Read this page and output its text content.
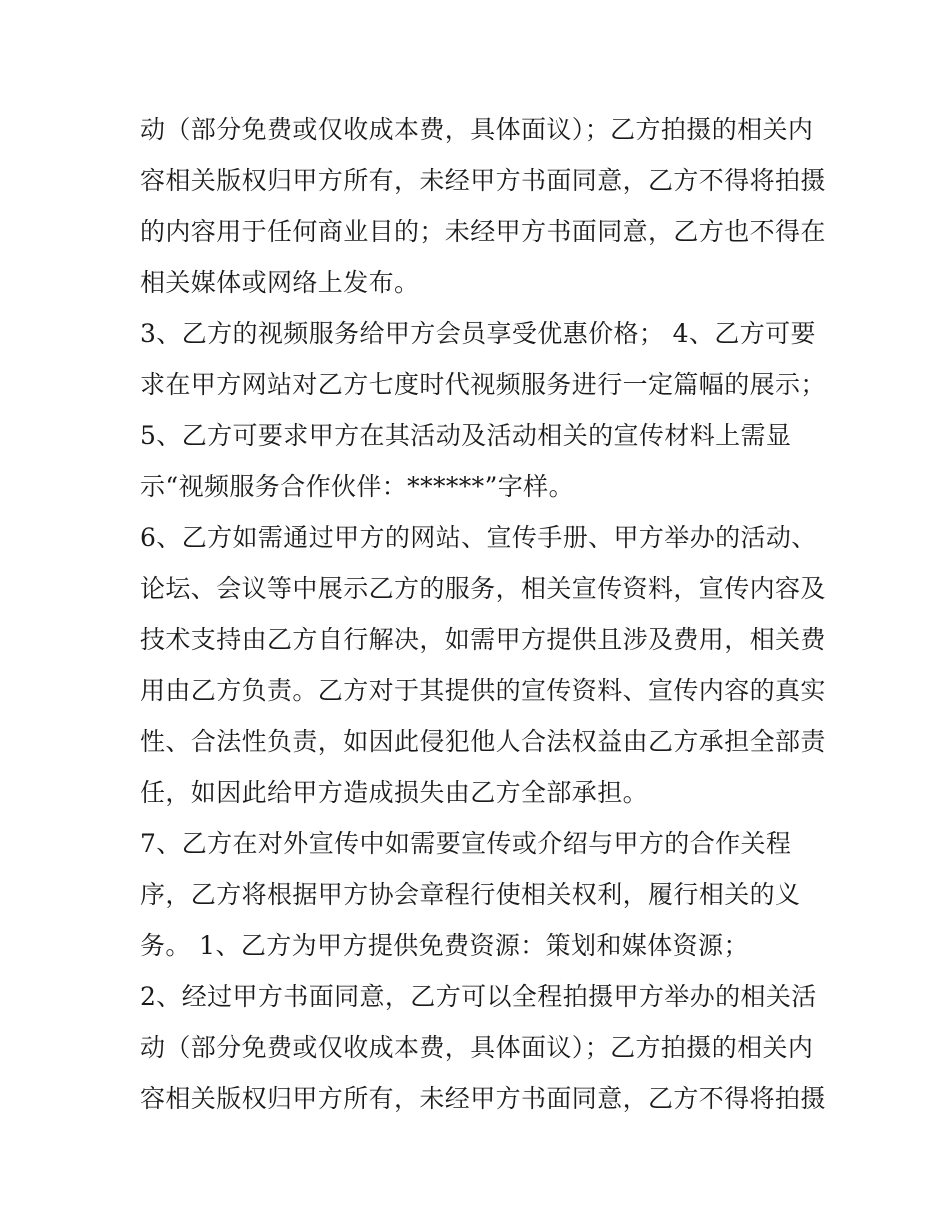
动（部分免费或仅收成本费，具体面议）；乙方拍摄的相关内
容相关版权归甲方所有，未经甲方书面同意，乙方不得将拍摄
的内容用于任何商业目的；未经甲方书面同意，乙方也不得在
相关媒体或网络上发布。
3、乙方的视频服务给甲方会员享受优惠价格； 4、乙方可要
求在甲方网站对乙方七度时代视频服务进行一定篇幅的展示；
5、乙方可要求甲方在其活动及活动相关的宣传材料上需显
示“视频服务合作伙伴：******”字样。
6、乙方如需通过甲方的网站、宣传手册、甲方举办的活动、
论坛、会议等中展示乙方的服务，相关宣传资料，宣传内容及
技术支持由乙方自行解决，如需甲方提供且涉及费用，相关费
用由乙方负责。乙方对于其提供的宣传资料、宣传内容的真实
性、合法性负责，如因此侵犯他人合法权益由乙方承担全部责
任，如因此给甲方造成损失由乙方全部承担。
7、乙方在对外宣传中如需要宣传或介绍与甲方的合作关程
序，乙方将根据甲方协会章程行使相关权利，履行相关的义
务。 1、乙方为甲方提供免费资源：策划和媒体资源；
2、经过甲方书面同意，乙方可以全程拍摄甲方举办的相关活
动（部分免费或仅收成本费，具体面议）；乙方拍摄的相关内
容相关版权归甲方所有，未经甲方书面同意，乙方不得将拍摄
